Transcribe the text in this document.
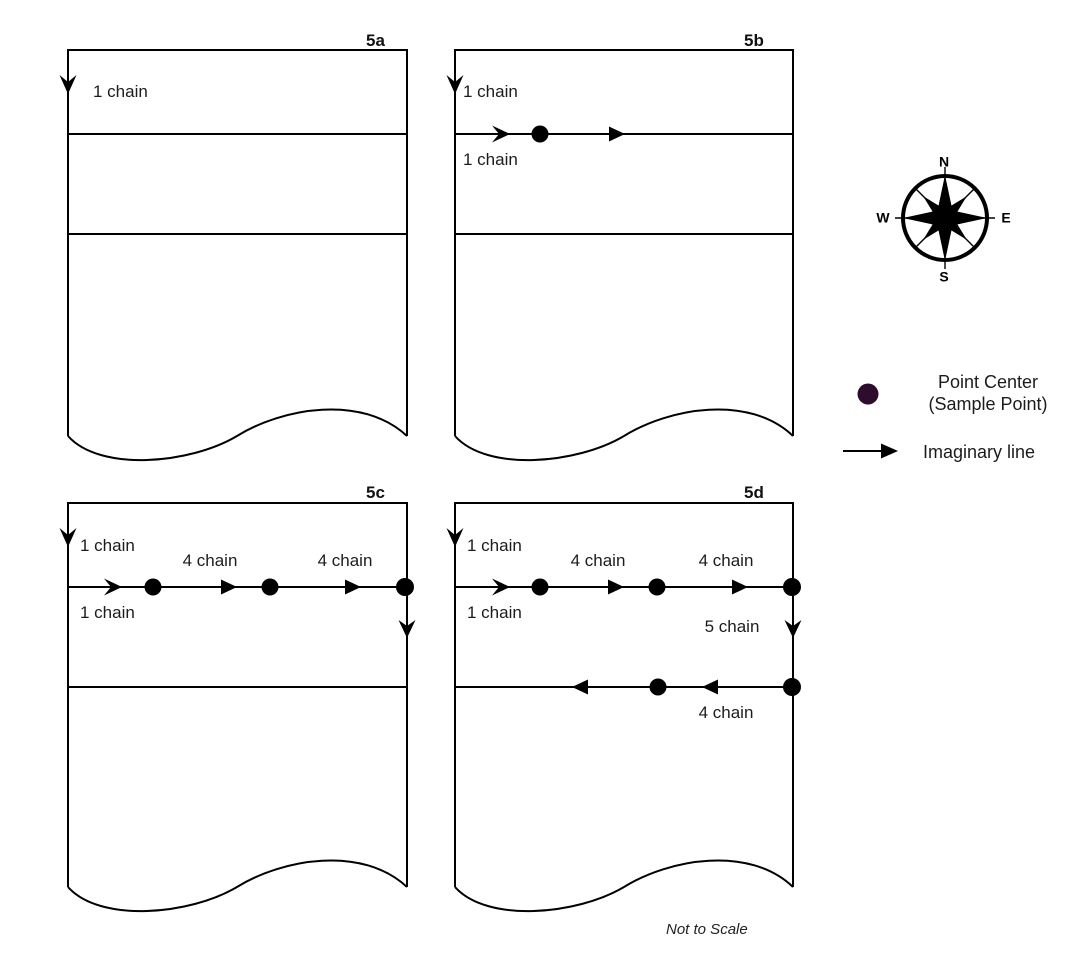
5a
1 chain
5b
1 chain
1 chain
5c
1 chain
4 chain	4 chain
1 chain
5d
1 chain
4 chain	4 chain
1 chain
5 chain
4 chain
N
S
W	E
Point Center
(Sample Point)
Imaginary line
Not to Scale
